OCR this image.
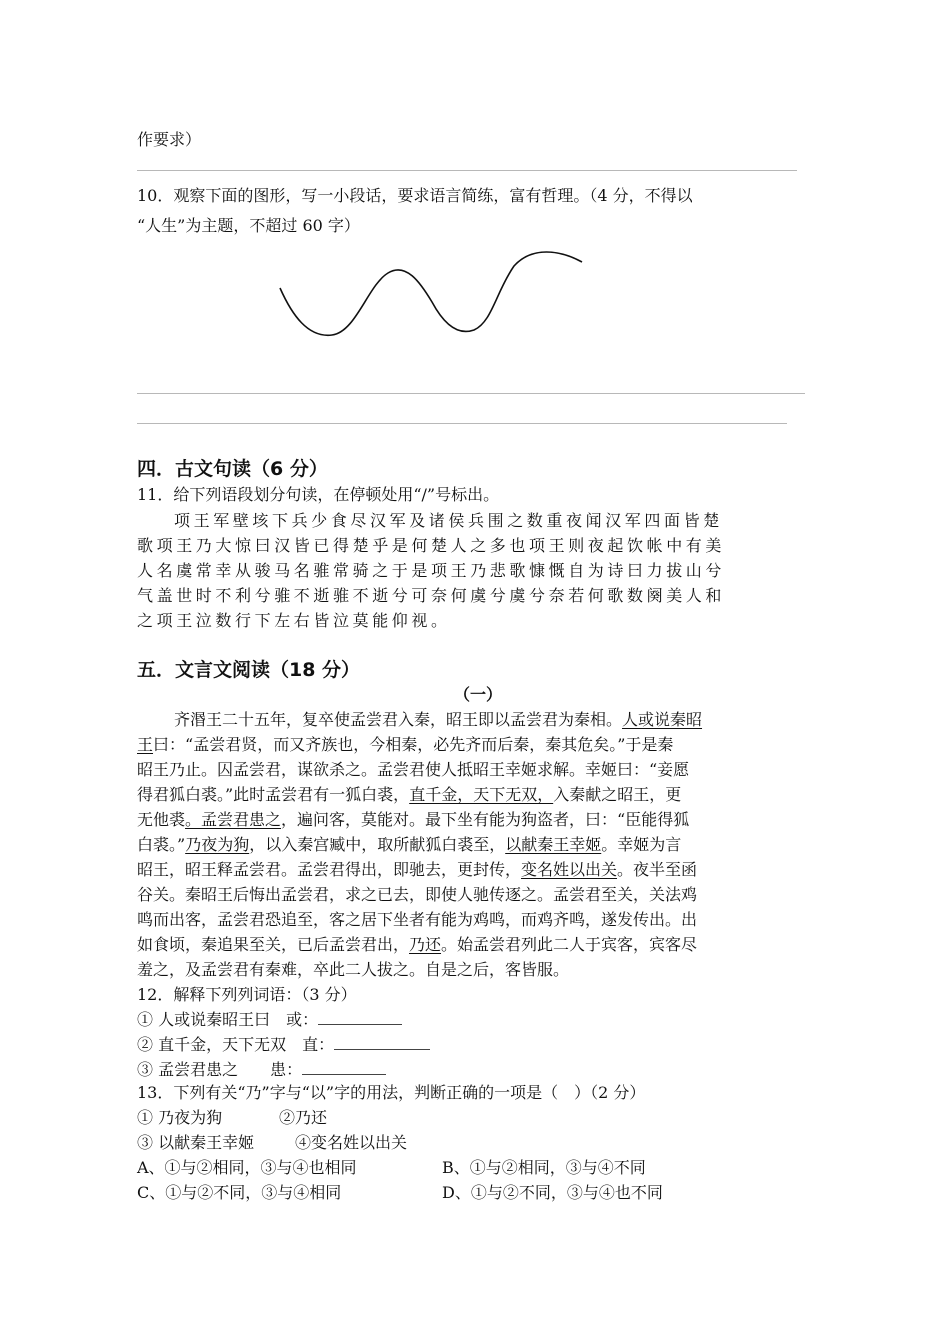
作要求）
10．观察下面的图形，写一小段话，要求语言简练，富有哲理。（4 分，不得以
“人生”为主题，不超过 60 字）
四．古文句读（6 分）
11．给下列语段划分句读，在停顿处用“/”号标出。
项王军壁垓下兵少食尽汉军及诸侯兵围之数重夜闻汉军四面皆楚
歌项王乃大惊曰汉皆已得楚乎是何楚人之多也项王则夜起饮帐中有美
人名虞常幸从骏马名骓常骑之于是项王乃悲歌慷慨自为诗曰力拔山兮
气盖世时不利兮骓不逝骓不逝兮可奈何虞兮虞兮奈若何歌数阕美人和
之项王泣数行下左右皆泣莫能仰视。
五．文言文阅读（18 分）
（一）
齐湣王二十五年，复卒使孟尝君入秦，昭王即以孟尝君为秦相。人或说秦昭
王曰：“孟尝君贤，而又齐族也，今相秦，必先齐而后秦，秦其危矣。”于是秦
昭王乃止。囚孟尝君，谋欲杀之。孟尝君使人抵昭王幸姬求解。幸姬曰：“妾愿
得君狐白裘。”此时孟尝君有一狐白裘，直千金，天下无双，入秦献之昭王，更
无他裘。孟尝君患之，遍问客，莫能对。最下坐有能为狗盗者，曰：“臣能得狐
白裘。”乃夜为狗，以入秦宫臧中，取所献狐白裘至，以献秦王幸姬。幸姬为言
昭王，昭王释孟尝君。孟尝君得出，即驰去，更封传，变名姓以出关。夜半至函
谷关。秦昭王后悔出孟尝君，求之已去，即使人驰传逐之。孟尝君至关，关法鸡
鸣而出客，孟尝君恐追至，客之居下坐者有能为鸡鸣，而鸡齐鸣，遂发传出。出
如食顷，秦追果至关，已后孟尝君出，乃还。始孟尝君列此二人于宾客，宾客尽
羞之，及孟尝君有秦难，卒此二人拔之。自是之后，客皆服。
12．解释下列列词语：（3 分）
① 人或说秦昭王曰　或：
② 直千金，天下无双　直：
③ 孟尝君患之　　患：
13．下列有关“乃”字与“以”字的用法，判断正确的一项是（　）（2 分）
① 乃夜为狗	②乃还
③ 以献秦王幸姬	④变名姓以出关
A、①与②相同，③与④也相同	B、①与②相同，③与④不同
C、①与②不同，③与④相同	D、①与②不同，③与④也不同
